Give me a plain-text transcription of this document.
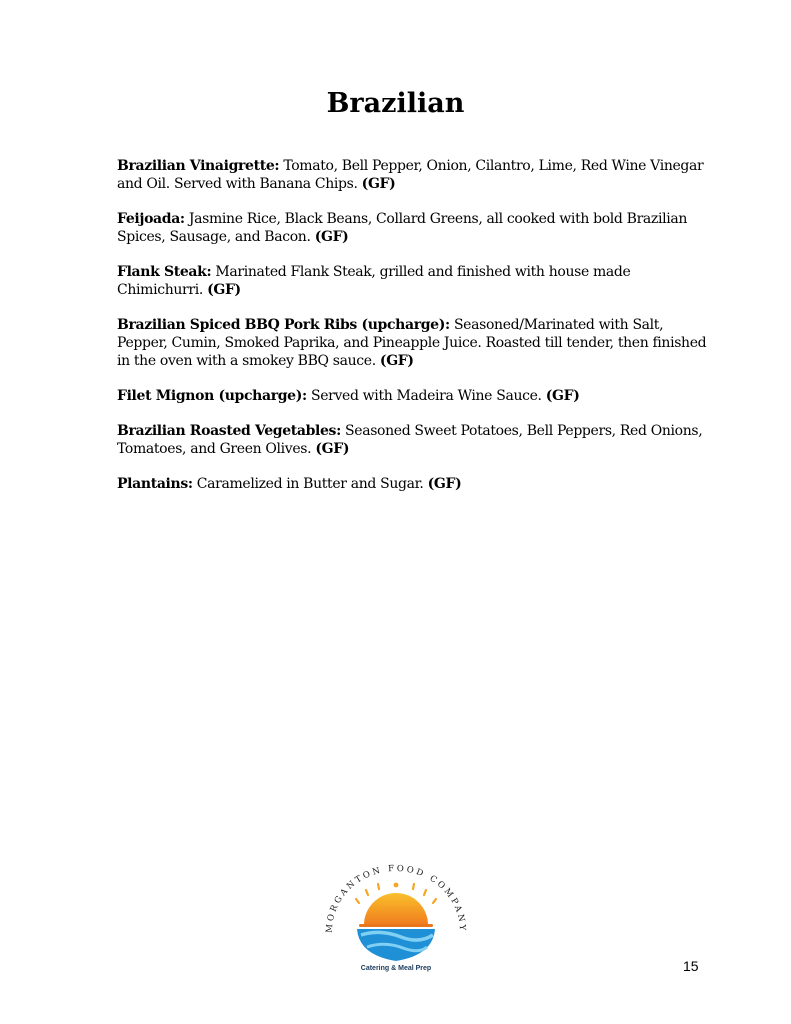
Brazilian

Brazilian Vinaigrette: Tomato, Bell Pepper, Onion, Cilantro, Lime, Red Wine Vinegar and Oil. Served with Banana Chips. (GF)

Feijoada: Jasmine Rice, Black Beans, Collard Greens, all cooked with bold Brazilian Spices, Sausage, and Bacon. (GF)

Flank Steak: Marinated Flank Steak, grilled and finished with house made Chimichurri. (GF)

Brazilian Spiced BBQ Pork Ribs (upcharge): Seasoned/Marinated with Salt, Pepper, Cumin, Smoked Paprika, and Pineapple Juice. Roasted till tender, then finished in the oven with a smokey BBQ sauce. (GF)

Filet Mignon (upcharge): Served with Madeira Wine Sauce. (GF)

Brazilian Roasted Vegetables: Seasoned Sweet Potatoes, Bell Peppers, Red Onions, Tomatoes, and Green Olives. (GF)

Plantains: Caramelized in Butter and Sugar. (GF)

MORGANTON FOOD COMPANY
Catering & Meal Prep	15
